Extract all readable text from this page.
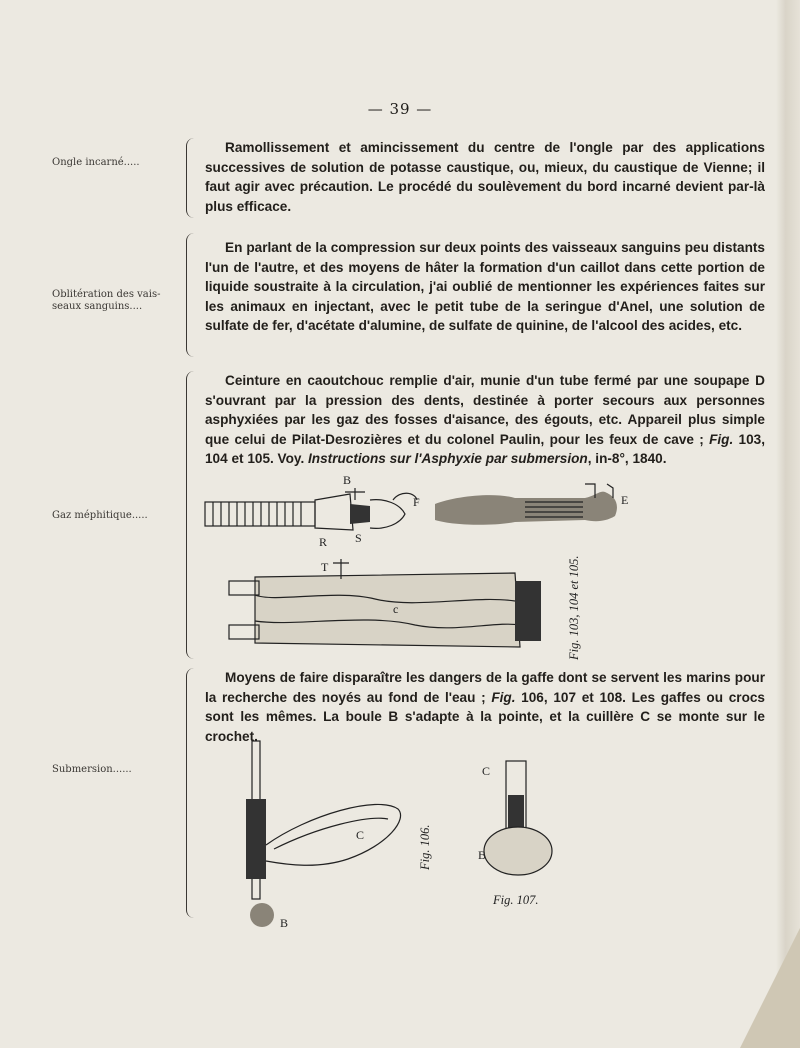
— 39 —
Ongle incarné.....
Oblitération des vais-
seaux sanguins....
Gaz méphitique.....
Submersion......
Ramollissement et amincissement du centre de l'ongle par des applications successives de solution de potasse caustique, ou, mieux, du caustique de Vienne; il faut agir avec précaution. Le procédé du soulèvement du bord incarné devient par-là plus efficace.
En parlant de la compression sur deux points des vaisseaux sanguins peu distants l'un de l'autre, et des moyens de hâter la formation d'un caillot dans cette portion de liquide soustraite à la circulation, j'ai oublié de mentionner les expériences faites sur les animaux en injectant, avec le petit tube de la seringue d'Anel, une solution de sulfate de fer, d'acétate d'alumine, de sulfate de quinine, de l'alcool des acides, etc.
Ceinture en caoutchouc remplie d'air, munie d'un tube fermé par une soupape D s'ouvrant par la pression des dents, destinée à porter secours aux personnes asphyxiées par les gaz des fosses d'aisance, des égouts, etc. Appareil plus simple que celui de Pilat-Desrozières et du colonel Paulin, pour les feux de cave ; Fig. 103, 104 et 105. Voy. Instructions sur l'Asphyxie par submersion, in-8°, 1840.
Moyens de faire disparaître les dangers de la gaffe dont se servent les marins pour la recherche des noyés au fond de l'eau ; Fig. 106, 107 et 108. Les gaffes ou crocs sont les mêmes. La boule B s'adapte à la pointe, et la cuillère C se monte sur le crochet.
B
F
R S
E
T
c	Fig. 103, 104 et 105.
C
B
Fig. 106.
C
B
Fig. 107.
